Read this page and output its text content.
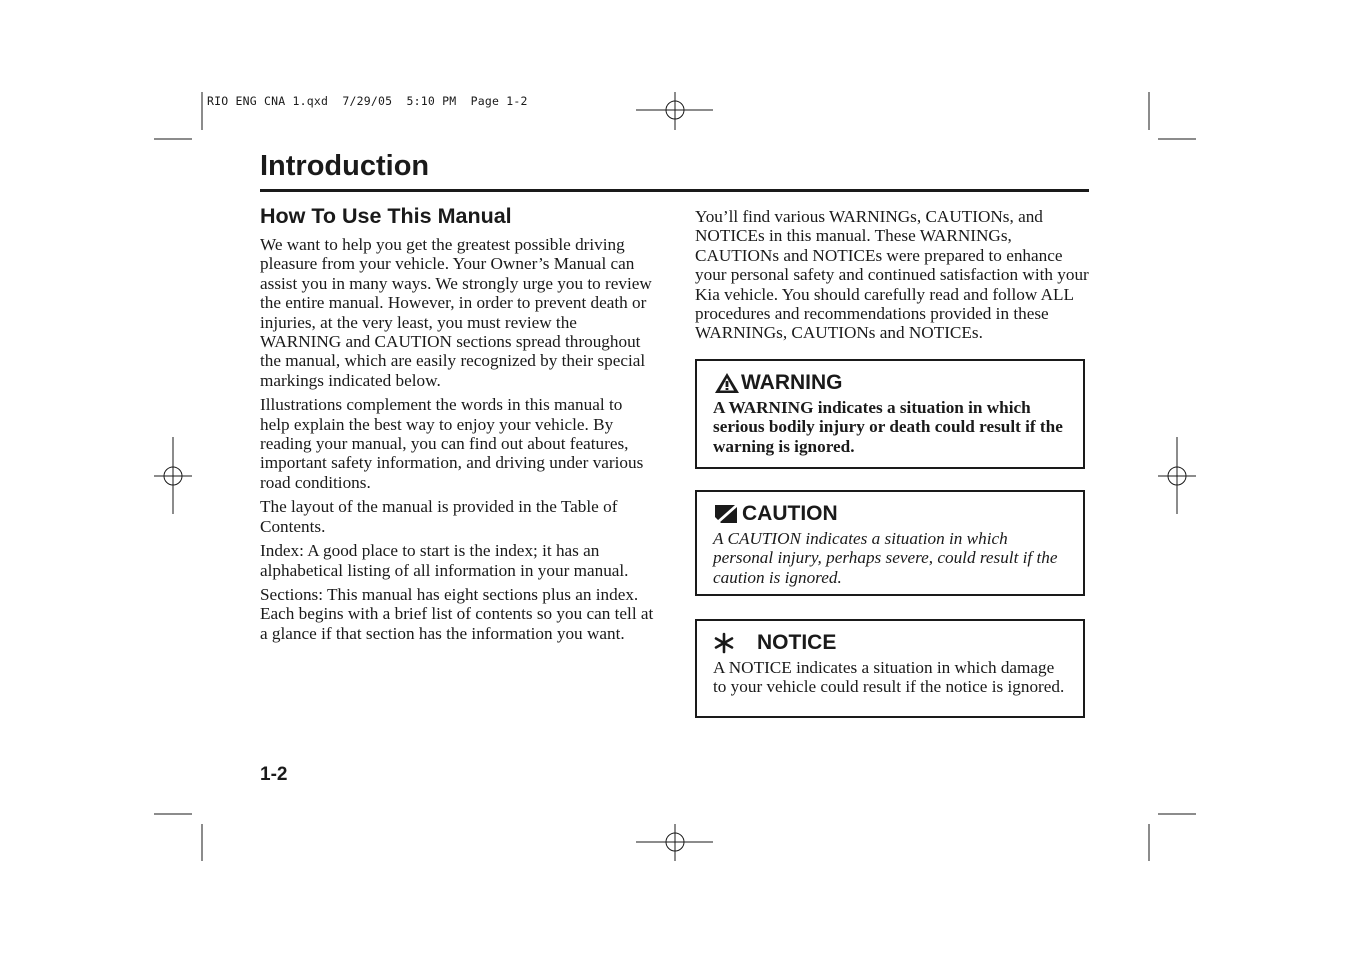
RIO ENG CNA 1.qxd  7/29/05  5:10 PM  Page 1-2
Introduction
How To Use This Manual

We want to help you get the greatest possible driving pleasure from your vehicle. Your Owner’s Manual can assist you in many ways. We strongly urge you to review the entire manual. However, in order to prevent death or injuries, at the very least, you must review the WARNING and CAUTION sections spread throughout the manual, which are easily recognized by their special markings indicated below.

Illustrations complement the words in this manual to help explain the best way to enjoy your vehicle. By reading your manual, you can find out about features, important safety information, and driving under various road conditions.

The layout of the manual is provided in the Table of Contents.

Index: A good place to start is the index; it has an alphabetical listing of all information in your manual.

Sections: This manual has eight sections plus an index. Each begins with a brief list of contents so you can tell at a glance if that section has the information you want.

You’ll find various WARNINGs, CAUTIONs, and NOTICEs in this manual. These WARNINGs, CAUTIONs and NOTICEs were prepared to enhance your personal safety and continued satisfaction with your Kia vehicle. You should carefully read and follow ALL procedures and recommendations provided in these WARNINGs, CAUTIONs and NOTICEs.

WARNING

A WARNING indicates a situation in which serious bodily injury or death could result if the warning is ignored.

CAUTION

A CAUTION indicates a situation in which personal injury, perhaps severe, could result if the caution is ignored.

NOTICE

A NOTICE indicates a situation in which damage to your vehicle could result if the notice is ignored.

1-2
